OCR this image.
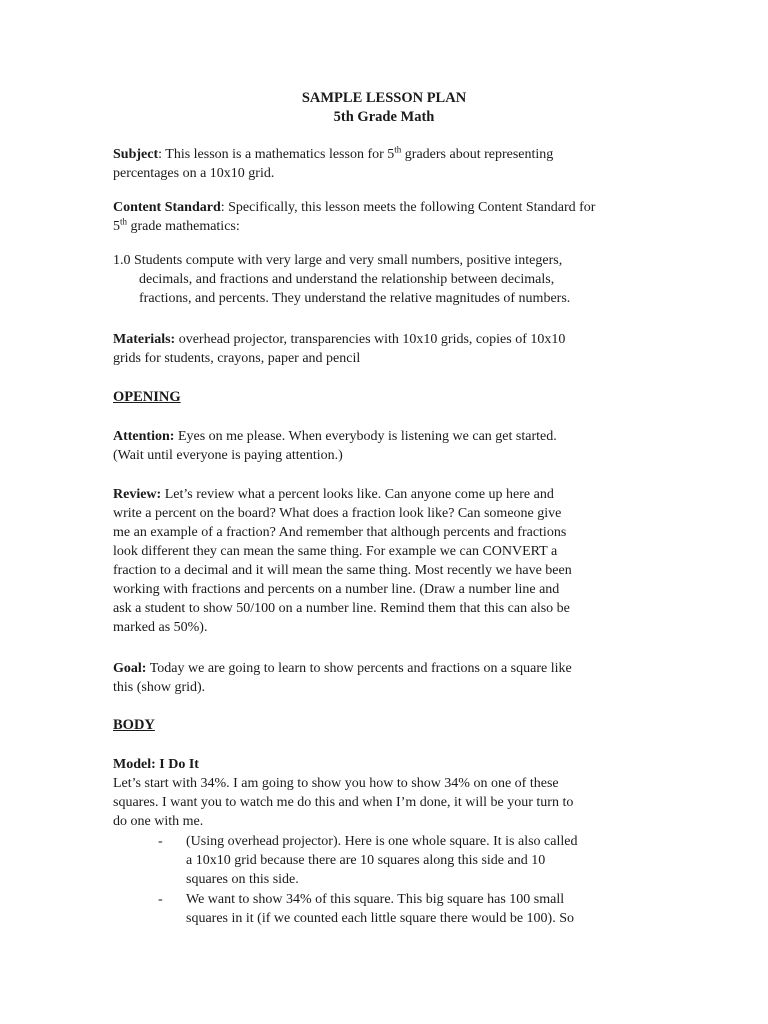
SAMPLE LESSON PLAN
5th Grade Math

Subject: This lesson is a mathematics lesson for 5th graders about representing

percentages on a 10x10 grid.

Content Standard: Specifically, this lesson meets the following Content Standard for

5th grade mathematics:

1.0 Students compute with very large and very small numbers, positive integers,

decimals, and fractions and understand the relationship between decimals,

fractions, and percents. They understand the relative magnitudes of numbers.

Materials: overhead projector, transparencies with 10x10 grids, copies of 10x10

grids for students, crayons, paper and pencil

OPENING

Attention: Eyes on me please. When everybody is listening we can get started.

(Wait until everyone is paying attention.)

Review: Let’s review what a percent looks like. Can anyone come up here and

write a percent on the board? What does a fraction look like? Can someone give

me an example of a fraction? And remember that although percents and fractions

look different they can mean the same thing. For example we can CONVERT a

fraction to a decimal and it will mean the same thing. Most recently we have been

working with fractions and percents on a number line. (Draw a number line and

ask a student to show 50/100 on a number line. Remind them that this can also be

marked as 50%).

Goal: Today we are going to learn to show percents and fractions on a square like

this (show grid).

BODY

Model: I Do It

Let’s start with 34%. I am going to show you how to show 34% on one of these

squares. I want you to watch me do this and when I’m done, it will be your turn to

do one with me.

- (Using overhead projector). Here is one whole square. It is also called

a 10x10 grid because there are 10 squares along this side and 10

squares on this side.

- We want to show 34% of this square. This big square has 100 small

squares in it (if we counted each little square there would be 100). So
